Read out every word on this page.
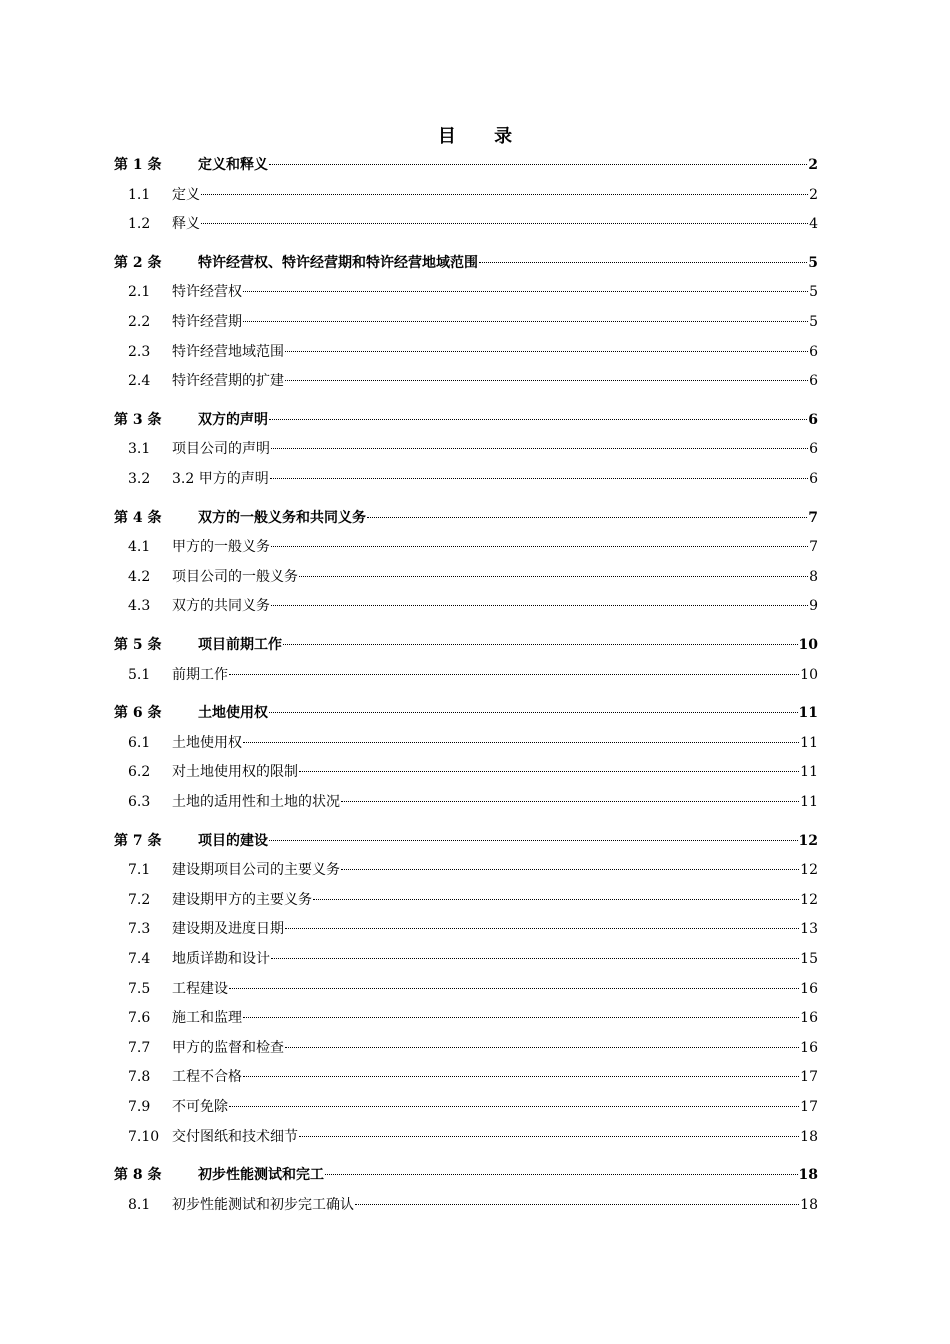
目 录
第 1 条	定义和释义	2
1.1	定义	2
1.2	释义	4
第 2 条	特许经营权、特许经营期和特许经营地域范围	5
2.1	特许经营权	5
2.2	特许经营期	5
2.3	特许经营地域范围	6
2.4	特许经营期的扩建	6
第 3 条	双方的声明	6
3.1	项目公司的声明	6
3.2	3.2 甲方的声明	6
第 4 条	双方的一般义务和共同义务	7
4.1	甲方的一般义务	7
4.2	项目公司的一般义务	8
4.3	双方的共同义务	9
第 5 条	项目前期工作	10
5.1	前期工作	10
第 6 条	土地使用权	11
6.1	土地使用权	11
6.2	对土地使用权的限制	11
6.3	土地的适用性和土地的状况	11
第 7 条	项目的建设	12
7.1	建设期项目公司的主要义务	12
7.2	建设期甲方的主要义务	12
7.3	建设期及进度日期	13
7.4	地质详勘和设计	15
7.5	工程建设	16
7.6	施工和监理	16
7.7	甲方的监督和检查	16
7.8	工程不合格	17
7.9	不可免除	17
7.10 交付图纸和技术细节	18
第 8 条	初步性能测试和完工	18
8.1	初步性能测试和初步完工确认	18
